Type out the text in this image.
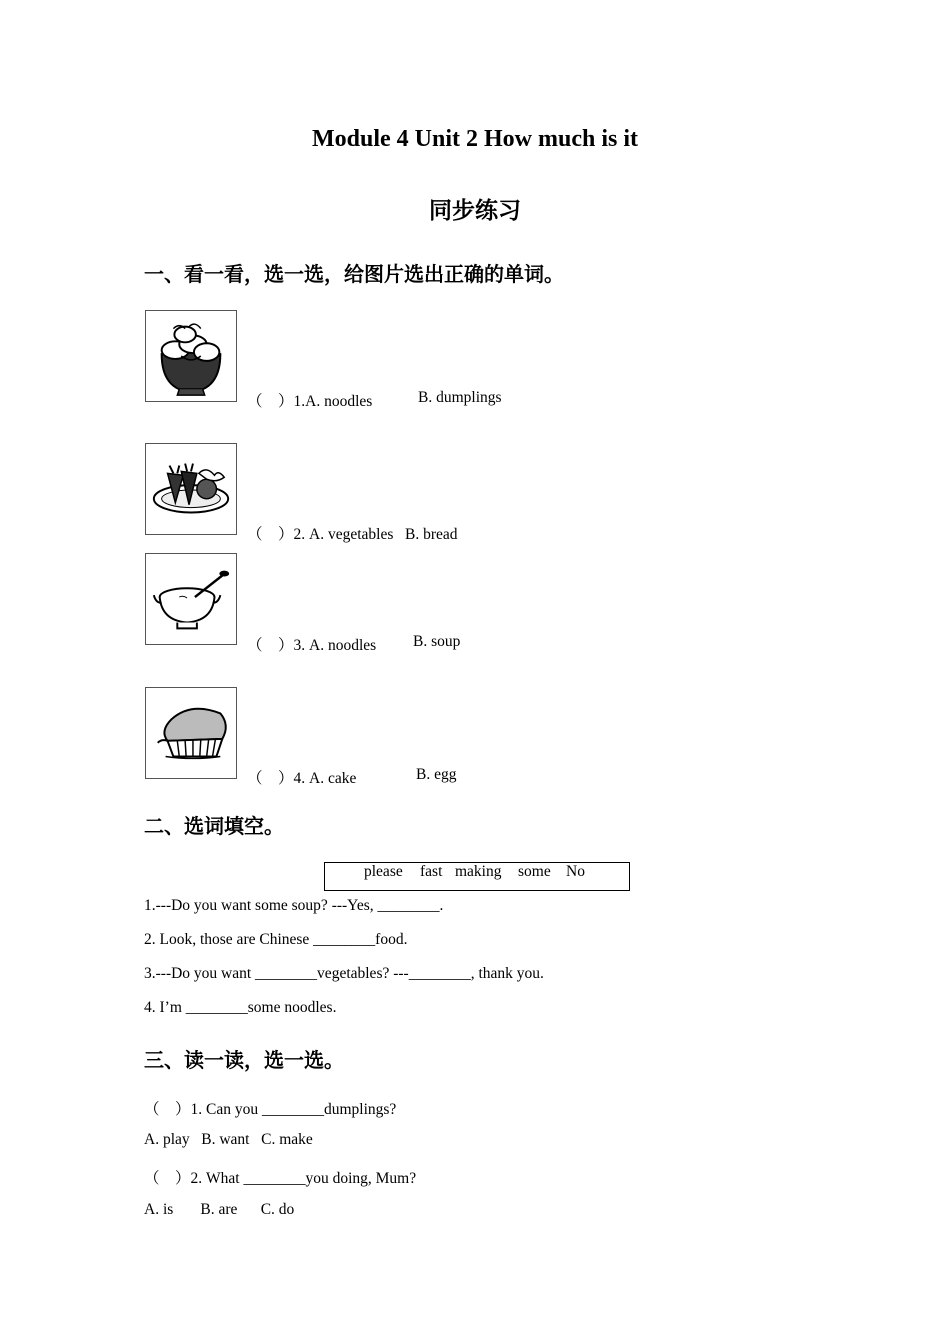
Module 4 Unit 2 How much is it
同步练习
一、看一看，选一选，给图片选出正确的单词。
（    ）1.A. noodles	B. dumplings
（    ）2. A. vegetables B. bread
（    ）3. A. noodles B. soup
（    ）4. A. cake	B. egg
二、选词填空。
please fast making some No
1.---Do you want some soup? ---Yes, ________.
2. Look, those are Chinese ________food.
3.---Do you want ________vegetables? ---________, thank you.
4. I’m ________some noodles.
三、读一读，选一选。
（    ）1. Can you ________dumplings?
A. play B. want C. make
（    ）2. What ________you doing, Mum?
A. is B. are C. do
